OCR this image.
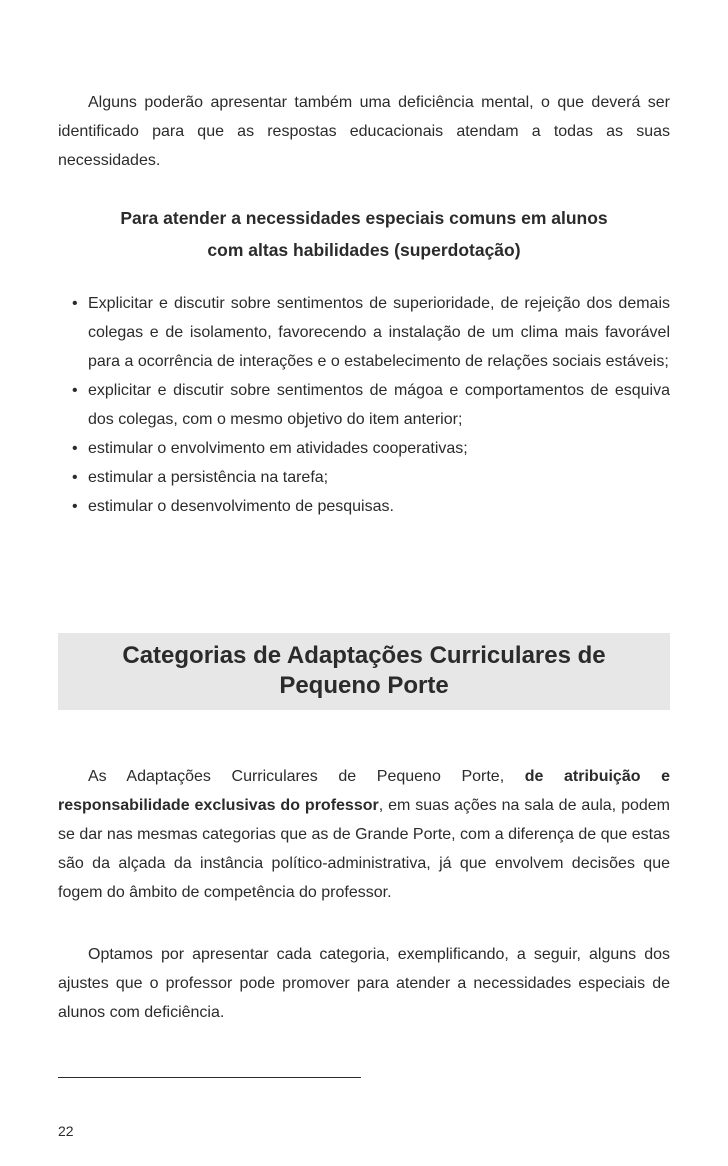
Alguns poderão apresentar também uma deficiência mental, o que deverá ser identificado para que as respostas educacionais atendam a todas as suas necessidades.

Para atender a necessidades especiais comuns em alunos
com altas habilidades (superdotação)
• Explicitar e discutir sobre sentimentos de superioridade, de rejeição dos demais colegas e de isolamento, favorecendo a instalação de um clima mais favorável para a ocorrência de interações e o estabelecimento de relações sociais estáveis;
• explicitar e discutir sobre sentimentos de mágoa e comportamentos de esquiva dos colegas, com o mesmo objetivo do item anterior;
• estimular o envolvimento em atividades cooperativas;
• estimular a persistência na tarefa;
• estimular o desenvolvimento de pesquisas.
Categorias de Adaptações Curriculares de
Pequeno Porte

As Adaptações Curriculares de Pequeno Porte, de atribuição e responsabilidade exclusivas do professor, em suas ações na sala de aula, podem se dar nas mesmas categorias que as de Grande Porte, com a diferença de que estas são da alçada da instância político-administrativa, já que envolvem decisões que fogem do âmbito de competência do professor.

Optamos por apresentar cada categoria, exemplificando, a seguir, alguns dos ajustes que o professor pode promover para atender a necessidades especiais de alunos com deficiência.

22
